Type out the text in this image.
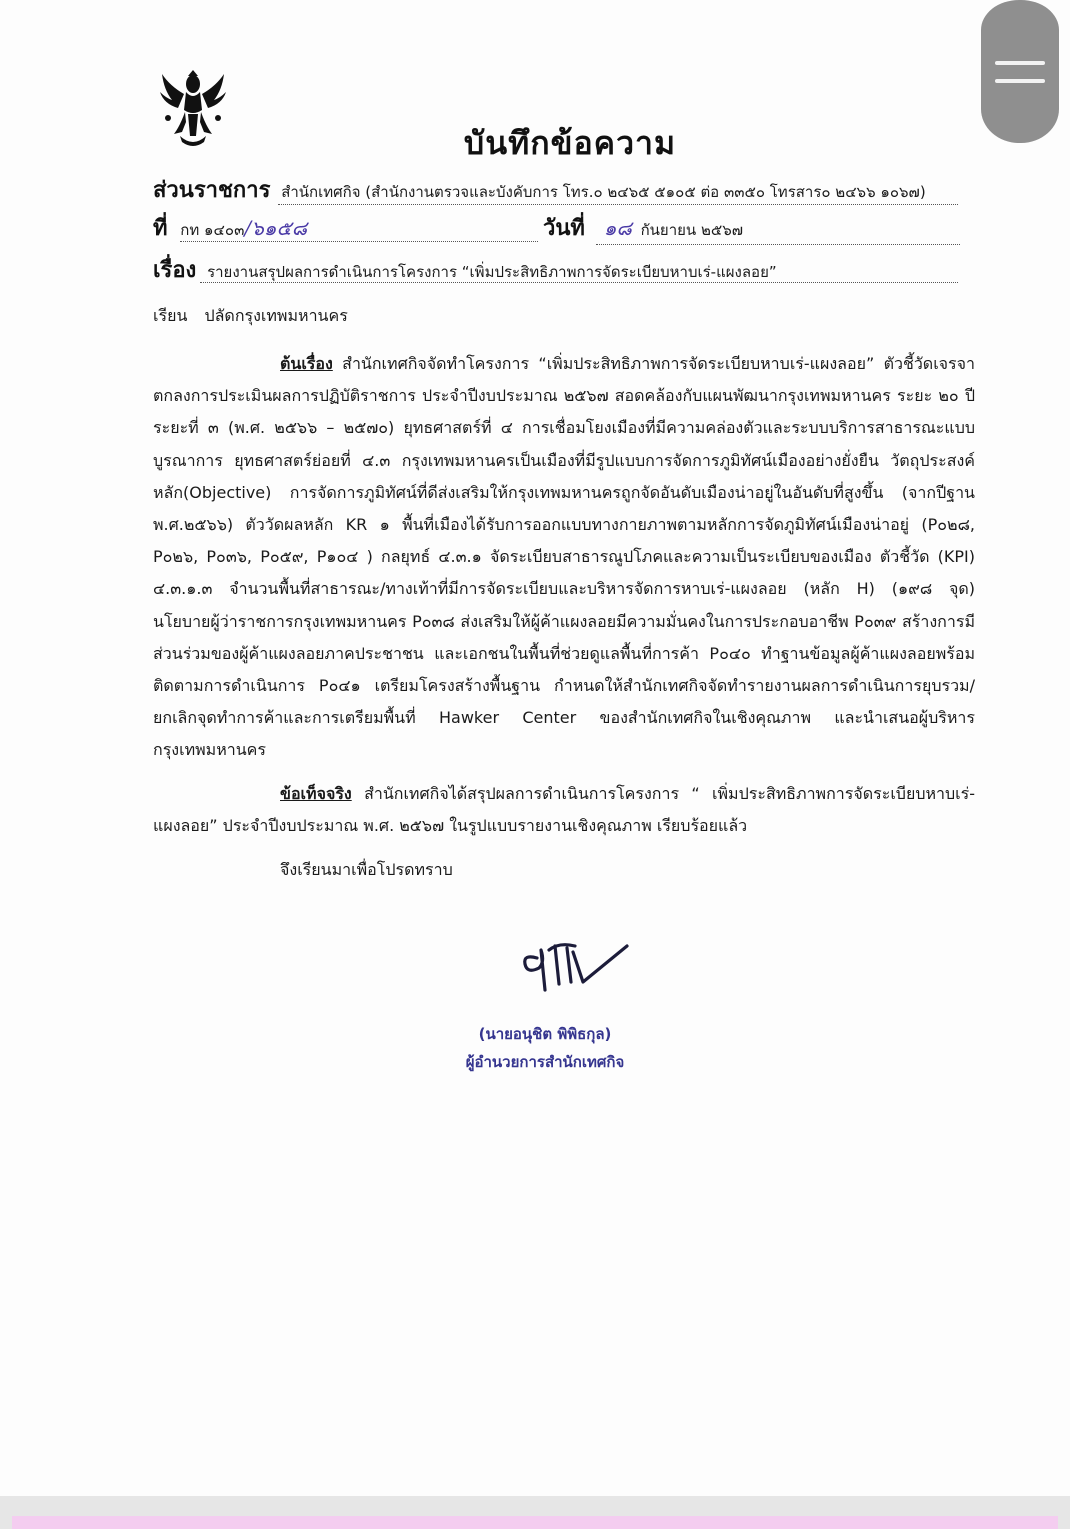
บันทึกข้อความ
ส่วนราชการ สำนักเทศกิจ (สำนักงานตรวจและบังคับการ โทร.๐ ๒๔๖๕ ๕๑๐๕ ต่อ ๓๓๕๐ โทรสาร๐ ๒๔๖๖ ๑๐๖๗)
ที่ กท ๑๔๐๓/๖๑๕๘	วันที่ ๑๘ กันยายน ๒๕๖๗
เรื่อง รายงานสรุปผลการดำเนินการโครงการ “เพิ่มประสิทธิภาพการจัดระเบียบหาบเร่-แผงลอย”
เรียน ปลัดกรุงเทพมหานคร

ต้นเรื่อง สำนักเทศกิจจัดทำโครงการ “เพิ่มประสิทธิภาพการจัดระเบียบหาบเร่-แผงลอย” ตัวชี้วัดเจรจาตกลงการประเมินผลการปฏิบัติราชการ ประจำปีงบประมาณ ๒๕๖๗ สอดคล้องกับแผนพัฒนากรุงเทพมหานคร ระยะ ๒๐ ปี ระยะที่ ๓ (พ.ศ. ๒๕๖๖ – ๒๕๗๐) ยุทธศาสตร์ที่ ๔ การเชื่อมโยงเมืองที่มีความคล่องตัวและระบบบริการสาธารณะแบบบูรณาการ ยุทธศาสตร์ย่อยที่ ๔.๓ กรุงเทพมหานครเป็นเมืองที่มีรูปแบบการจัดการภูมิทัศน์เมืองอย่างยั่งยืน วัตถุประสงค์หลัก(Objective) การจัดการภูมิทัศน์ที่ดีส่งเสริมให้กรุงเทพมหานครถูกจัดอันดับเมืองน่าอยู่ในอันดับที่สูงขึ้น (จากปีฐาน พ.ศ.๒๕๖๖) ตัววัดผลหลัก KR ๑ พื้นที่เมืองได้รับการออกแบบทางกายภาพตามหลักการจัดภูมิทัศน์เมืองน่าอยู่ (P๐๒๘, P๐๒๖, P๐๓๖, P๐๕๙, P๑๐๔ ) กลยุทธ์ ๔.๓.๑ จัดระเบียบสาธารณูปโภคและความเป็นระเบียบของเมือง ตัวชี้วัด (KPI) ๔.๓.๑.๓ จำนวนพื้นที่สาธารณะ/ทางเท้าที่มีการจัดระเบียบและบริหารจัดการหาบเร่-แผงลอย (หลัก H) (๑๙๘ จุด) นโยบายผู้ว่าราชการกรุงเทพมหานคร P๐๓๘ ส่งเสริมให้ผู้ค้าแผงลอยมีความมั่นคงในการประกอบอาชีพ P๐๓๙ สร้างการมีส่วนร่วมของผู้ค้าแผงลอยภาคประชาชน และเอกชนในพื้นที่ช่วยดูแลพื้นที่การค้า P๐๔๐ ทำฐานข้อมูลผู้ค้าแผงลอยพร้อมติดตามการดำเนินการ P๐๔๑ เตรียมโครงสร้างพื้นฐาน กำหนดให้สำนักเทศกิจจัดทำรายงานผลการดำเนินการยุบรวม/ยกเลิกจุดทำการค้าและการเตรียมพื้นที่ Hawker Center ของสำนักเทศกิจในเชิงคุณภาพ และนำเสนอผู้บริหารกรุงเทพมหานคร

ข้อเท็จจริง สำนักเทศกิจได้สรุปผลการดำเนินการโครงการ “ เพิ่มประสิทธิภาพการจัดระเบียบหาบเร่-แผงลอย” ประจำปีงบประมาณ พ.ศ. ๒๕๖๗ ในรูปแบบรายงานเชิงคุณภาพ เรียบร้อยแล้ว

จึงเรียนมาเพื่อโปรดทราบ
(นายอนุชิต พิพิธกุล)
ผู้อำนวยการสำนักเทศกิจ
